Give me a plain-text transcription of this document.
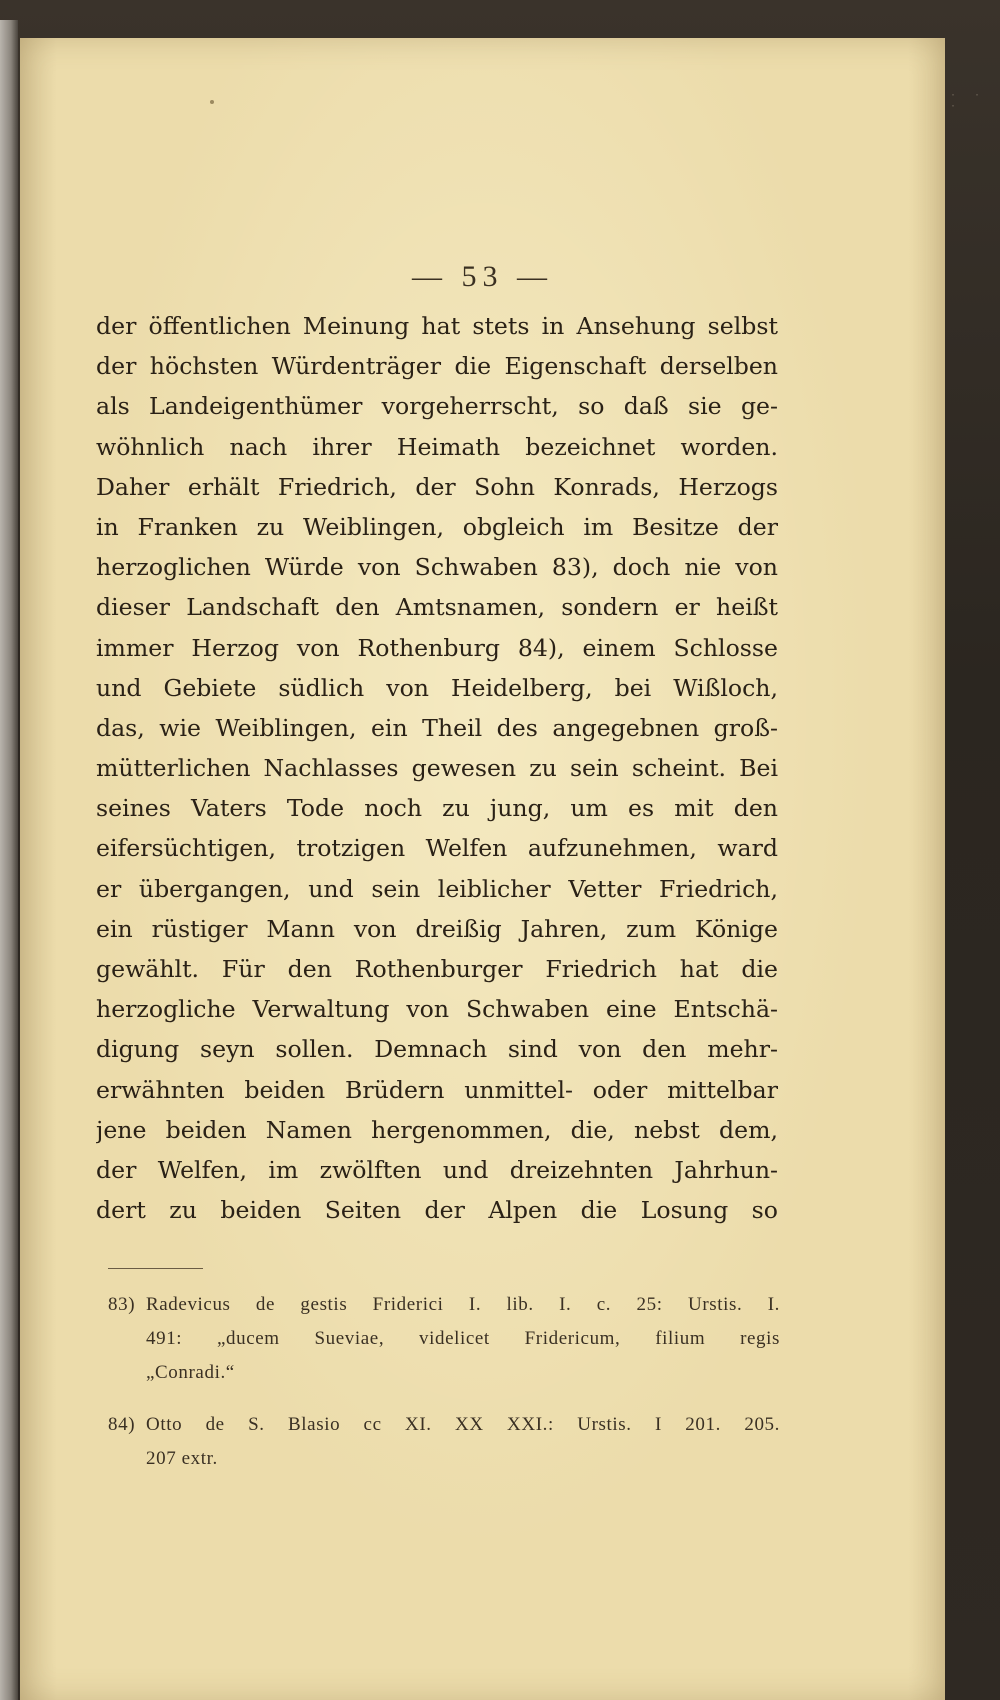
· · ·
— 53 —
der öffentlichen Meinung hat stets in Ansehung selbst
der höchsten Würdenträger die Eigenschaft derselben
als Landeigenthümer vorgeherrscht, so daß sie ge-
wöhnlich nach ihrer Heimath bezeichnet worden.
Daher erhält Friedrich, der Sohn Konrads, Herzogs
in Franken zu Weiblingen, obgleich im Besitze der
herzoglichen Würde von Schwaben 83), doch nie von
dieser Landschaft den Amtsnamen, sondern er heißt
immer Herzog von Rothenburg 84), einem Schlosse
und Gebiete südlich von Heidelberg, bei Wißloch,
das, wie Weiblingen, ein Theil des angegebnen groß-
mütterlichen Nachlasses gewesen zu sein scheint. Bei
seines Vaters Tode noch zu jung, um es mit den
eifersüchtigen, trotzigen Welfen aufzunehmen, ward
er übergangen, und sein leiblicher Vetter Friedrich,
ein rüstiger Mann von dreißig Jahren, zum Könige
gewählt. Für den Rothenburger Friedrich hat die
herzogliche Verwaltung von Schwaben eine Entschä-
digung seyn sollen. Demnach sind von den mehr-
erwähnten beiden Brüdern unmittel- oder mittelbar
jene beiden Namen hergenommen, die, nebst dem,
der Welfen, im zwölften und dreizehnten Jahrhun-
dert zu beiden Seiten der Alpen die Losung so
83) Radevicus de gestis Friderici I. lib. I. c. 25: Urstis. I.
491: „ducem Sueviae, videlicet Fridericum, filium regis
„Conradi.“
84) Otto de S. Blasio cc XI. XX XXI.: Urstis. I 201. 205.
207 extr.
